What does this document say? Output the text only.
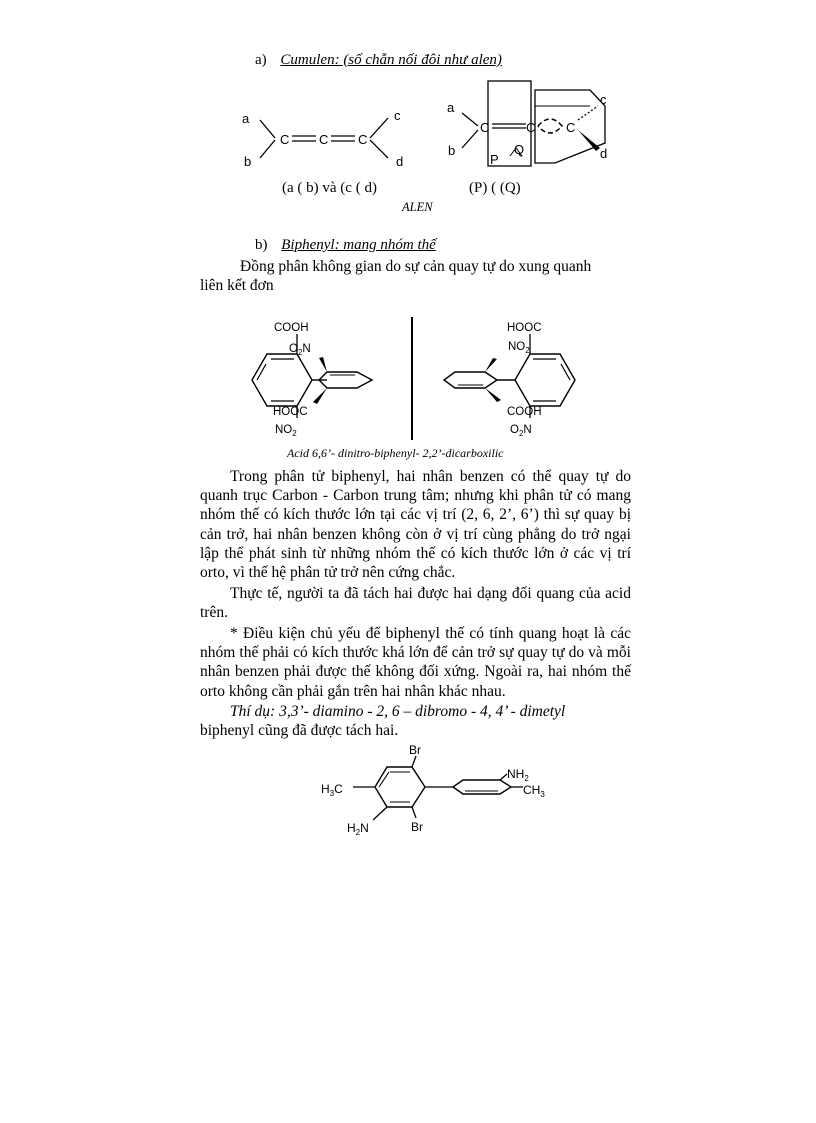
a) Cumulen: (số chẵn nối đôi như alen)
C C C
a
b
c
d
a
b
C	C C
c
d
P
Q
(a ( b) và (c ( d)	(P) ( (Q)
ALEN
b) Biphenyl: mang nhóm thế
Đồng phân không gian do sự cản quay tự do xung quanh
liên kết đơn
COOH
$O_2N$
HOOC
$NO_2$
HOOC
$NO_2$
COOH
$O_2N$
Acid 6,6’- dinitro-biphenyl- 2,2’-dicarboxilic
Trong phân tử biphenyl, hai nhân benzen có thể quay tự do quanh trục Carbon - Carbon trung tâm; nhưng khi phân tử có mang nhóm thế có kích thước lớn tại các vị trí (2, 6, 2’, 6’) thì sự quay bị cản trở, hai nhân benzen không còn ở vị trí cùng phẳng do trở ngại lập thể phát sinh từ những nhóm thế có kích thước lớn ở các vị trí orto, vì thế hệ phân tử trở nên cứng chắc.
Thực tế, người ta đã tách hai được hai dạng đối quang của acid trên.
* Điều kiện chủ yếu để biphenyl thế có tính quang hoạt là các nhóm thế phải có kích thước khá lớn để cản trở sự quay tự do và mỗi nhân benzen phải được thế không đối xứng. Ngoài ra, hai nhóm thế orto không cần phải gắn trên hai nhân khác nhau.
Thí dụ: 3,3’- diamino - 2, 6 – dibromo - 4, 4’ - dimetyl
biphenyl cũng đã được tách hai.
Br
$H_3C$
$H_2N$	Br
$NH_2$
$CH_3$
